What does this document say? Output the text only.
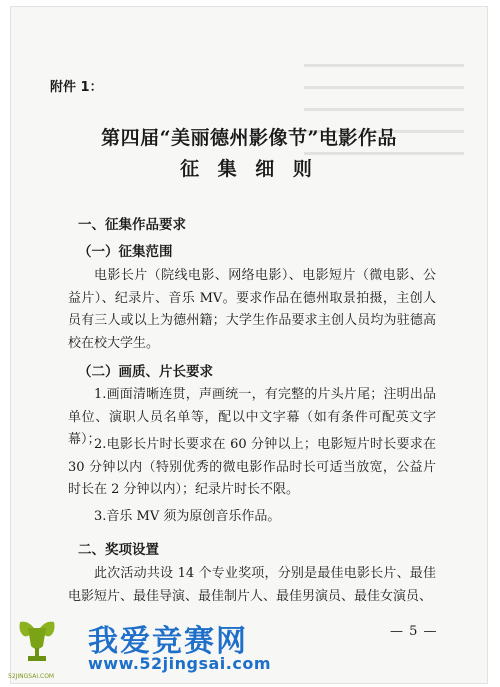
附件 1：
第四届“美丽德州影像节”电影作品
征 集 细 则
一、征集作品要求
（一）征集范围
电影长片（院线电影、网络电影）、电影短片（微电影、公益片）、纪录片、音乐 MV。要求作品在德州取景拍摄，主创人员有三人或以上为德州籍；大学生作品要求主创人员均为驻德高校在校大学生。
（二）画质、片长要求
1.画面清晰连贯，声画统一，有完整的片头片尾；注明出品单位、演职人员名单等，配以中文字幕（如有条件可配英文字幕）；
2.电影长片时长要求在 60 分钟以上；电影短片时长要求在 30 分钟以内（特别优秀的微电影作品时长可适当放宽，公益片时长在 2 分钟以内）；纪录片时长不限。
3.音乐 MV 须为原创音乐作品。
二、奖项设置
此次活动共设 14 个专业奖项，分别是最佳电影长片、最佳电影短片、最佳导演、最佳制片人、最佳男演员、最佳女演员、
— 5 —
52JINGSAI.COM
我爱竞赛网
www.52jingsai.com
